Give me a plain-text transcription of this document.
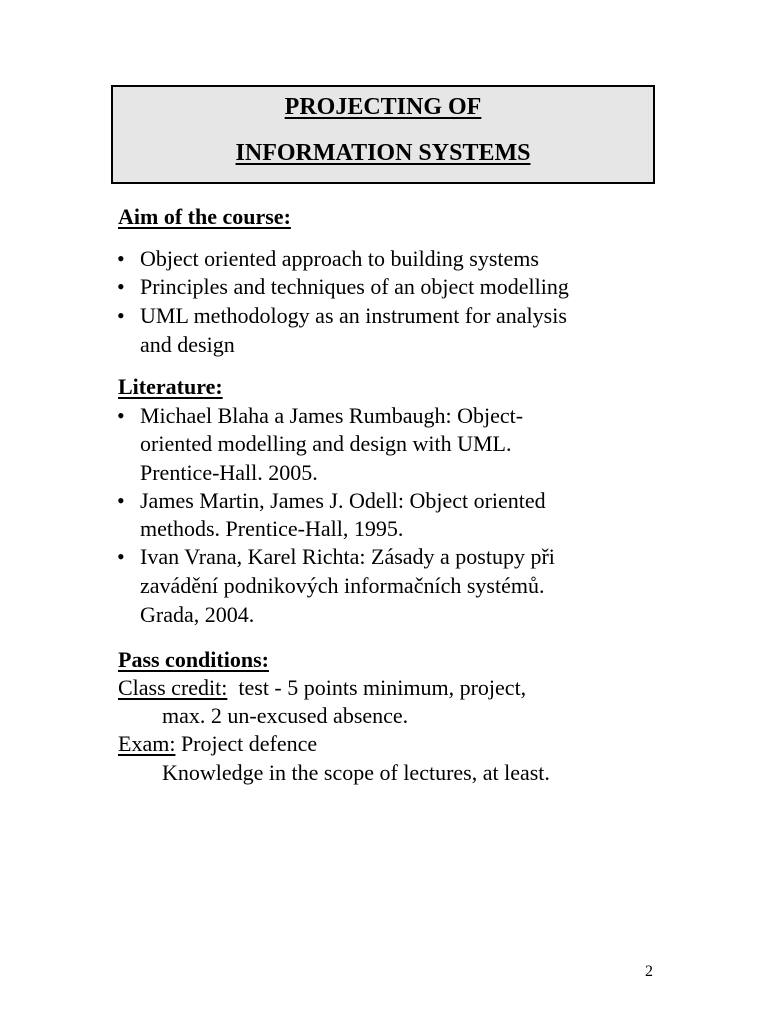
PROJECTING OF
INFORMATION SYSTEMS
Aim of the course:
• Object oriented approach to building systems
• Principles and techniques of an object modelling
• UML methodology as an instrument for analysis
and design
Literature:
• Michael Blaha a James Rumbaugh: Object-
oriented modelling and design with UML.
Prentice-Hall. 2005.
• James Martin, James J. Odell: Object oriented
methods. Prentice-Hall, 1995.
• Ivan Vrana, Karel Richta: Zásady a postupy při
zavádění podnikových informačních systémů.
Grada, 2004.
Pass conditions:
Class credit:  test - 5 points minimum, project,
max. 2 un-excused absence.
Exam: Project defence
Knowledge in the scope of lectures, at least.
2
